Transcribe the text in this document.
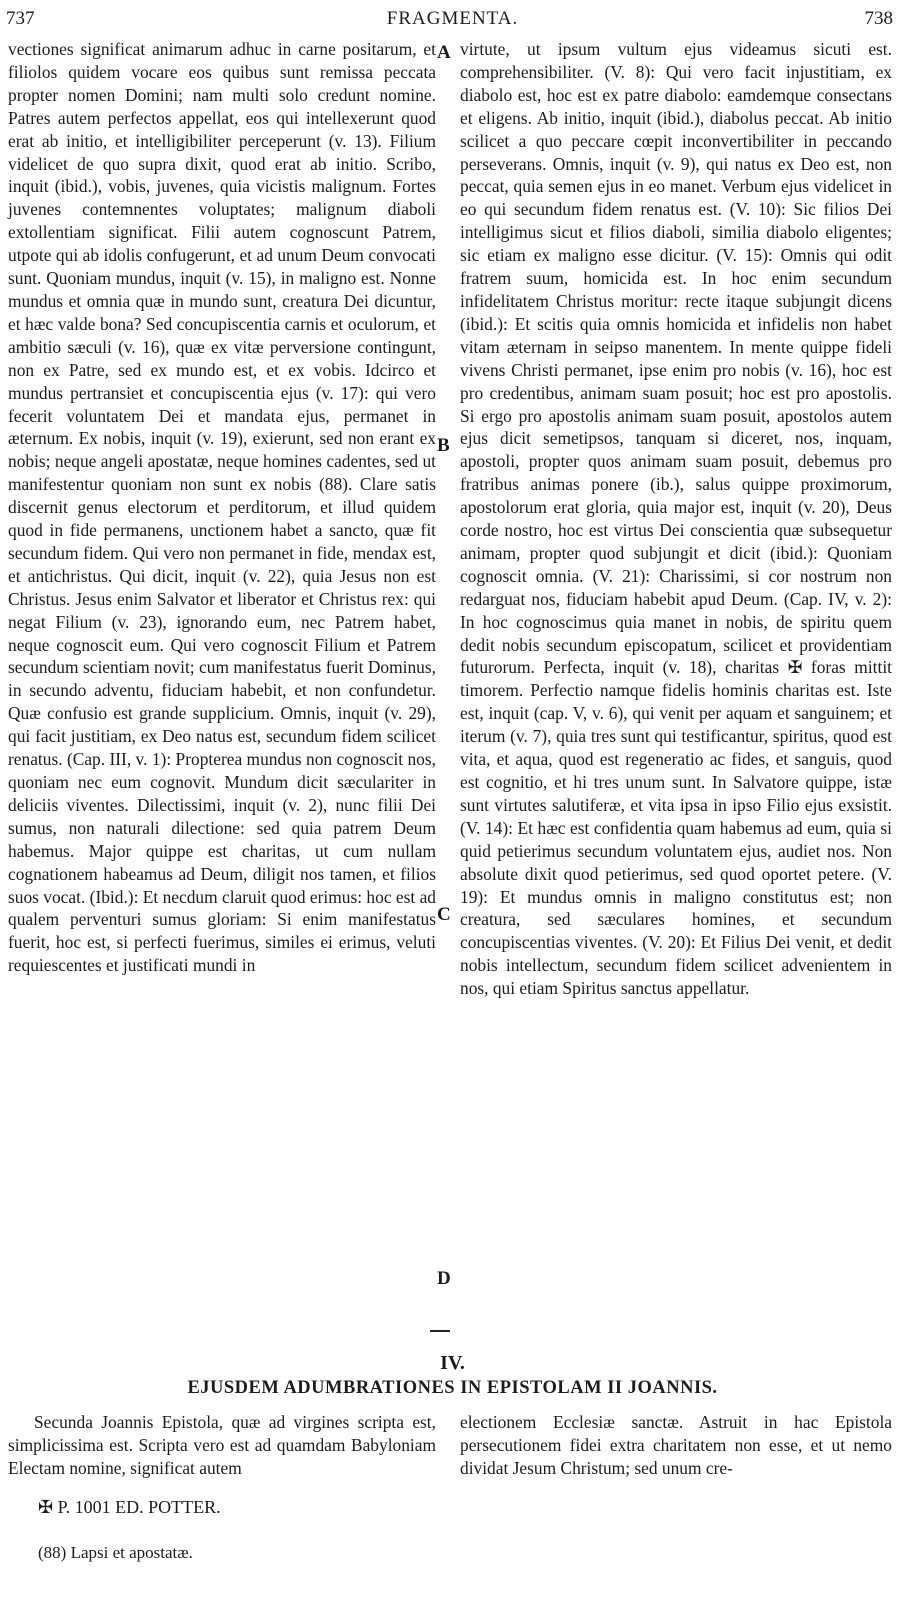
737	FRAGMENTA.	738

vectiones significat animarum adhuc in carne positarum, et filiolos quidem vocare eos quibus sunt remissa peccata propter nomen Domini; nam multi solo credunt nomine. Patres autem perfectos appellat, eos qui intellexerunt quod erat ab initio, et intelligibiliter perceperunt (v. 13). Filium videlicet de quo supra dixit, quod erat ab initio. Scribo, inquit (ibid.), vobis, juvenes, quia vicistis malignum. Fortes juvenes contemnentes voluptates; malignum diaboli extollentiam significat. Filii autem cognoscunt Patrem, utpote qui ab idolis confugerunt, et ad unum Deum convocati sunt. Quoniam mundus, inquit (v. 15), in maligno est. Nonne mundus et omnia quæ in mundo sunt, creatura Dei dicuntur, et hæc valde bona? Sed concupiscentia carnis et oculorum, et ambitio sæculi (v. 16), quæ ex vitæ perversione contingunt, non ex Patre, sed ex mundo est, et ex vobis. Idcirco et mundus pertransiet et concupiscentia ejus (v. 17): qui vero fecerit voluntatem Dei et mandata ejus, permanet in æternum. Ex nobis, inquit (v. 19), exierunt, sed non erant ex nobis; neque angeli apostatæ, neque homines cadentes, sed ut manifestentur quoniam non sunt ex nobis (88). Clare satis discernit genus electorum et perditorum, et illud quidem quod in fide permanens, unctionem habet a sancto, quæ fit secundum fidem. Qui vero non permanet in fide, mendax est, et antichristus. Qui dicit, inquit (v. 22), quia Jesus non est Christus. Jesus enim Salvator et liberator et Christus rex: qui negat Filium (v. 23), ignorando eum, nec Patrem habet, neque cognoscit eum. Qui vero cognoscit Filium et Patrem secundum scientiam novit; cum manifestatus fuerit Dominus, in secundo adventu, fiduciam habebit, et non confundetur. Quæ confusio est grande supplicium. Omnis, inquit (v. 29), qui facit justitiam, ex Deo natus est, secundum fidem scilicet renatus. (Cap. III, v. 1): Propterea mundus non cognoscit nos, quoniam nec eum cognovit. Mundum dicit sæculariter in deliciis viventes. Dilectissimi, inquit (v. 2), nunc filii Dei sumus, non naturali dilectione: sed quia patrem Deum habemus. Major quippe est charitas, ut cum nullam cognationem habeamus ad Deum, diligit nos tamen, et filios suos vocat. (Ibid.): Et necdum claruit quod erimus: hoc est ad qualem perventuri sumus gloriam: Si enim manifestatus fuerit, hoc est, si perfecti fuerimus, similes ei erimus, veluti requiescentes et justificati mundi in

virtute, ut ipsum vultum ejus videamus sicuti est. comprehensibiliter. (V. 8): Qui vero facit injustitiam, ex diabolo est, hoc est ex patre diabolo: eamdemque consectans et eligens. Ab initio, inquit (ibid.), diabolus peccat. Ab initio scilicet a quo peccare cœpit inconvertibiliter in peccando perseverans. Omnis, inquit (v. 9), qui natus ex Deo est, non peccat, quia semen ejus in eo manet. Verbum ejus videlicet in eo qui secundum fidem renatus est. (V. 10): Sic filios Dei intelligimus sicut et filios diaboli, similia diabolo eligentes; sic etiam ex maligno esse dicitur. (V. 15): Omnis qui odit fratrem suum, homicida est. In hoc enim secundum infidelitatem Christus moritur: recte itaque subjungit dicens (ibid.): Et scitis quia omnis homicida et infidelis non habet vitam æternam in seipso manentem. In mente quippe fideli vivens Christi permanet, ipse enim pro nobis (v. 16), hoc est pro credentibus, animam suam posuit; hoc est pro apostolis. Si ergo pro apostolis animam suam posuit, apostolos autem ejus dicit semetipsos, tanquam si diceret, nos, inquam, apostoli, propter quos animam suam posuit, debemus pro fratribus animas ponere (ib.), salus quippe proximorum, apostolorum erat gloria, quia major est, inquit (v. 20), Deus corde nostro, hoc est virtus Dei conscientia quæ subsequetur animam, propter quod subjungit et dicit (ibid.): Quoniam cognoscit omnia. (V. 21): Charissimi, si cor nostrum non redarguat nos, fiduciam habebit apud Deum. (Cap. IV, v. 2): In hoc cognoscimus quia manet in nobis, de spiritu quem dedit nobis secundum episcopatum, scilicet et providentiam futurorum. Perfecta, inquit (v. 18), charitas ✠ foras mittit timorem. Perfectio namque fidelis hominis charitas est. Iste est, inquit (cap. V, v. 6), qui venit per aquam et sanguinem; et iterum (v. 7), quia tres sunt qui testificantur, spiritus, quod est vita, et aqua, quod est regeneratio ac fides, et sanguis, quod est cognitio, et hi tres unum sunt. In Salvatore quippe, istæ sunt virtutes salutiferæ, et vita ipsa in ipso Filio ejus exsistit. (V. 14): Et hæc est confidentia quam habemus ad eum, quia si quid petierimus secundum voluntatem ejus, audiet nos. Non absolute dixit quod petierimus, sed quod oportet petere. (V. 19): Et mundus omnis in maligno constitutus est; non creatura, sed sæculares homines, et secundum concupiscentias viventes. (V. 20): Et Filius Dei venit, et dedit nobis intellectum, secundum fidem scilicet advenientem in nos, qui etiam Spiritus sanctus appellatur.

A
B
C
D
IV.
EJUSDEM ADUMBRATIONES IN EPISTOLAM II JOANNIS.
Secunda Joannis Epistola, quæ ad virgines scripta est, simplicissima est. Scripta vero est ad quamdam Babyloniam Electam nomine, significat autem
electionem Ecclesiæ sanctæ. Astruit in hac Epistola persecutionem fidei extra charitatem non esse, et ut nemo dividat Jesum Christum; sed unum cre-
✠ P. 1001 ED. POTTER.
(88) Lapsi et apostatæ.
